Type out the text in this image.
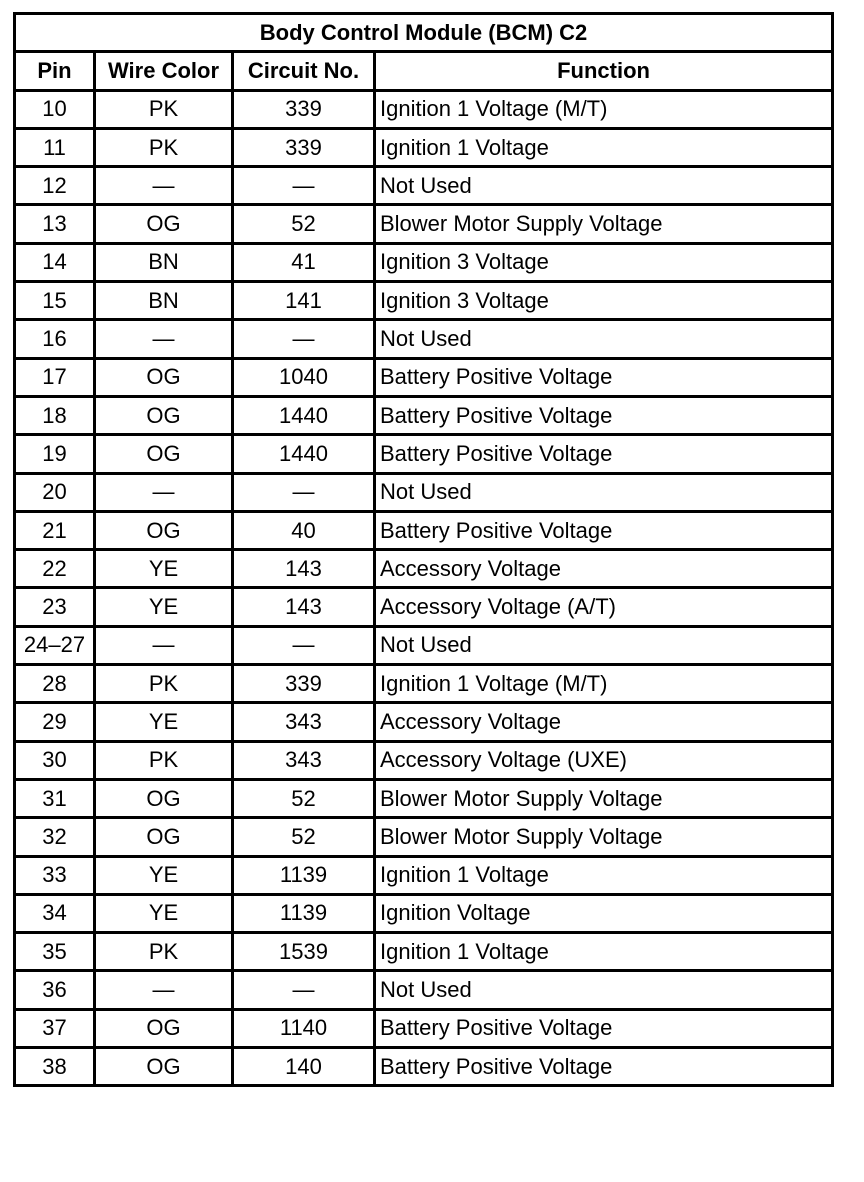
Body Control Module (BCM) C2			
Pin	Wire Color	Circuit No.	Function
10	PK	339	Ignition 1 Voltage (M/T)
11	PK	339	Ignition 1 Voltage
12	—	—	Not Used
13	OG	52	Blower Motor Supply Voltage
14	BN	41	Ignition 3 Voltage
15	BN	141	Ignition 3 Voltage
16	—	—	Not Used
17	OG	1040	Battery Positive Voltage
18	OG	1440	Battery Positive Voltage
19	OG	1440	Battery Positive Voltage
20	—	—	Not Used
21	OG	40	Battery Positive Voltage
22	YE	143	Accessory Voltage
23	YE	143	Accessory Voltage (A/T)
24–27	—	—	Not Used
28	PK	339	Ignition 1 Voltage (M/T)
29	YE	343	Accessory Voltage
30	PK	343	Accessory Voltage (UXE)
31	OG	52	Blower Motor Supply Voltage
32	OG	52	Blower Motor Supply Voltage
33	YE	1139	Ignition 1 Voltage
34	YE	1139	Ignition Voltage
35	PK	1539	Ignition 1 Voltage
36	—	—	Not Used
37	OG	1140	Battery Positive Voltage
38	OG	140	Battery Positive Voltage
